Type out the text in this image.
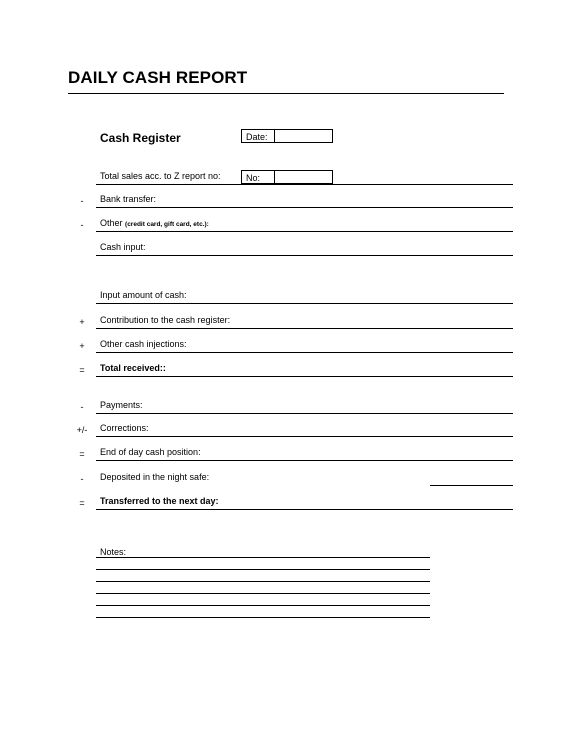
DAILY CASH REPORT
Cash Register	Date:
Total sales acc. to Z report no:	No:
-	Bank transfer:
-	Other (credit card, gift card, etc.):
Cash input:
Input amount of cash:
+	Contribution to the cash register:
+	Other cash injections:
=	Total received::
-	Payments:
+/-	Corrections:
=	End of day cash position:
-	Deposited in the night safe:
=	Transferred to the next day:
Notes:
